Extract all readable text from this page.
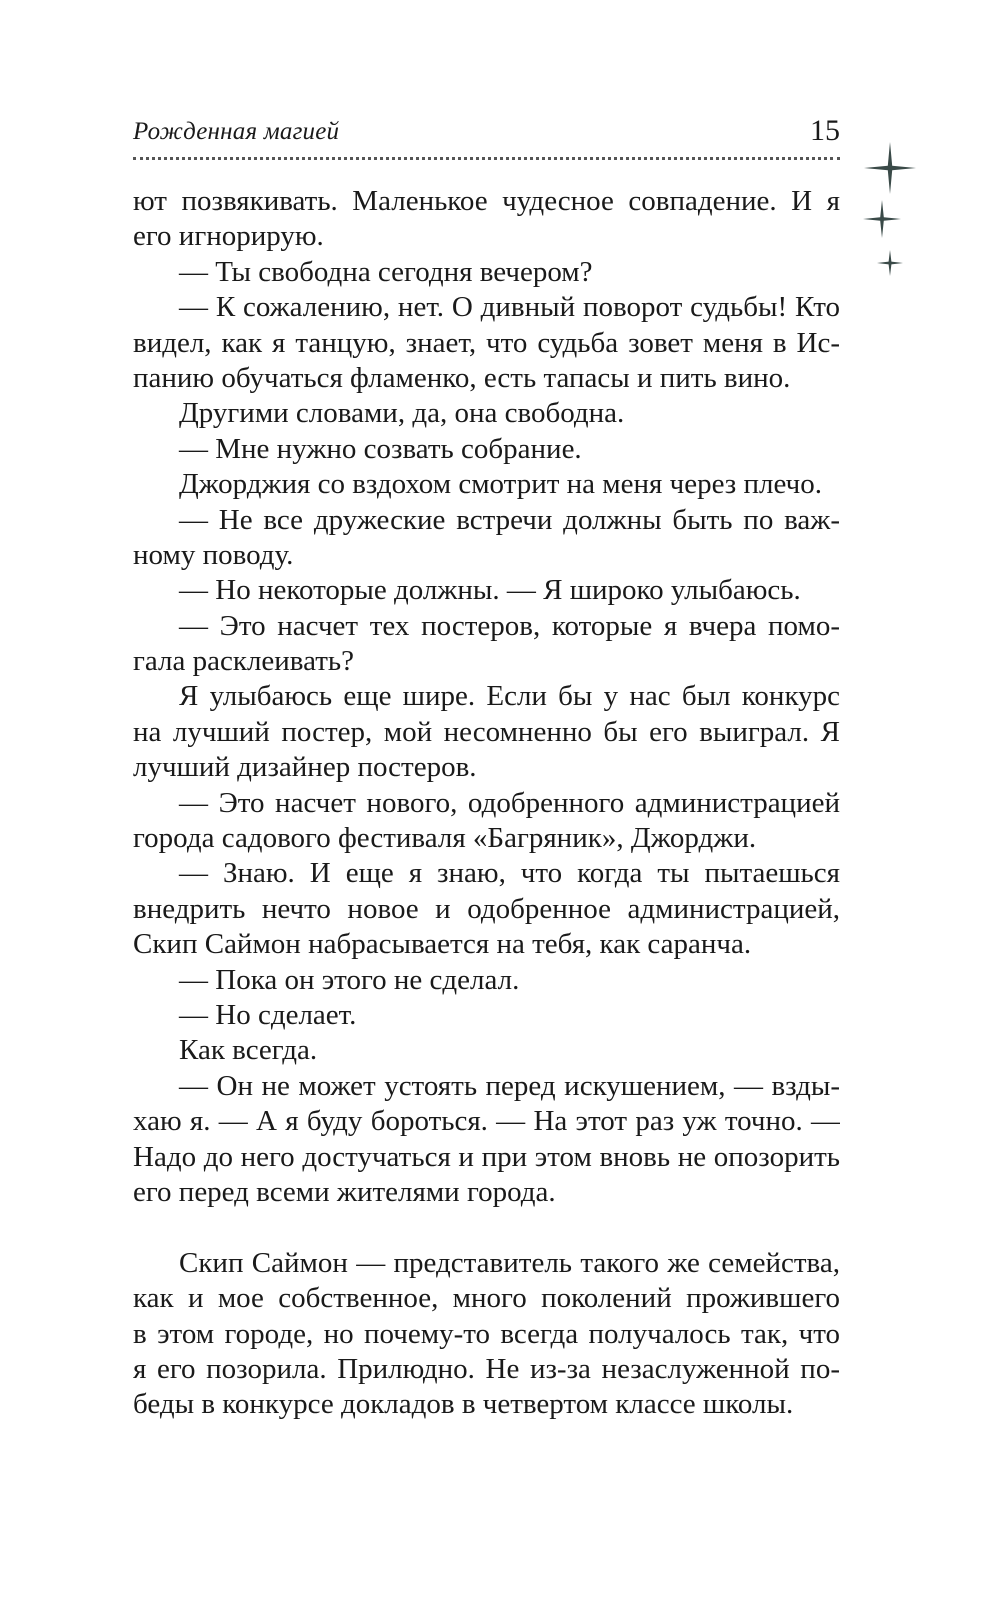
Рожденная магией	15
ют позвякивать. Маленькое чудесное совпадение. И я
его игнорирую.
— Ты свободна сегодня вечером?
— К сожалению, нет. О дивный поворот судьбы! Кто
видел, как я танцую, знает, что судьба зовет меня в Ис-
панию обучаться фламенко, есть тапасы и пить вино.
Другими словами, да, она свободна.
— Мне нужно созвать собрание.
Джорджия со вздохом смотрит на меня через плечо.
— Не все дружеские встречи должны быть по важ-
ному поводу.
— Но некоторые должны. — Я широко улыбаюсь.
— Это насчет тех постеров, которые я вчера помо-
гала расклеивать?
Я улыбаюсь еще шире. Если бы у нас был конкурс
на лучший постер, мой несомненно бы его выиграл. Я
лучший дизайнер постеров.
— Это насчет нового, одобренного администрацией
города садового фестиваля «Багряник», Джорджи.
— Знаю. И еще я знаю, что когда ты пытаешься
внедрить нечто новое и одобренное администрацией,
Скип Саймон набрасывается на тебя, как саранча.
— Пока он этого не сделал.
— Но сделает.
Как всегда.
— Он не может устоять перед искушением, — взды-
хаю я. — А я буду бороться. — На этот раз уж точно. —
Надо до него достучаться и при этом вновь не опозорить
его перед всеми жителями города.
Скип Саймон — представитель такого же семейства,
как и мое собственное, много поколений прожившего
в этом городе, но почему-то всегда получалось так, что
я его позорила. Прилюдно. Не из-за незаслуженной по-
беды в конкурсе докладов в четвертом классе школы.
